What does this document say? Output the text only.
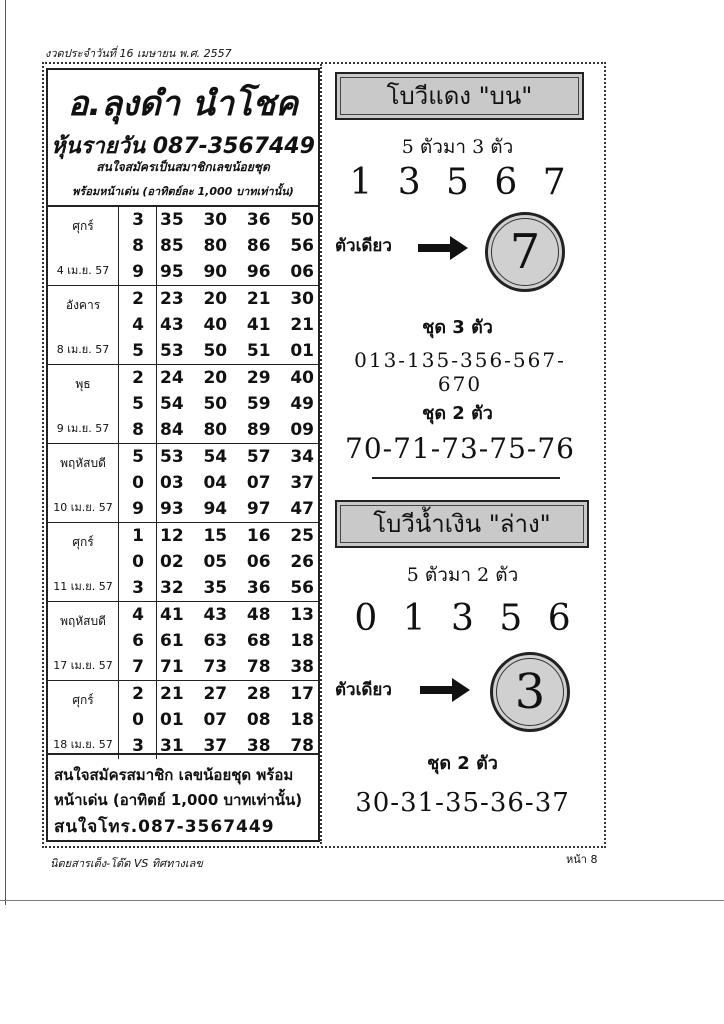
งวดประจำวันที่ 16 เมษายน พ.ศ. 2557
อ.ลุงดำ นำโชค
หุ้นรายวัน 087-3567449
สนใจสมัครเป็นสมาชิกเลขน้อยชุด
พร้อมหน้าเด่น (อาทิตย์ละ 1,000 บาทเท่านั้น)
ศุกร์
4 เม.ย. 57
3 35 30 36 50
8 85 80 86 56
9 95 90 96 06
อังคาร
8 เม.ย. 57
2 23 20 21 30
4 43 40 41 21
5 53 50 51 01
พุธ
9 เม.ย. 57
2 24 20 29 40
5 54 50 59 49
8 84 80 89 09
พฤหัสบดี
10 เม.ย. 57
5 53 54 57 34
0 03 04 07 37
9 93 94 97 47
ศุกร์
11 เม.ย. 57
1 12 15 16 25
0 02 05 06 26
3 32 35 36 56
พฤหัสบดี
17 เม.ย. 57
4 41 43 48 13
6 61 63 68 18
7 71 73 78 38
ศุกร์
18 เม.ย. 57
2 21 27 28 17
0 01 07 08 18
3 31 37 38 78
สนใจสมัครสมาชิก เลขน้อยชุด พร้อม
หน้าเด่น (อาทิตย์ 1,000 บาทเท่านั้น)
สนใจโทร.087-3567449
โบวีแดง "บน"
5 ตัวมา 3 ตัว
1 3 5 6 7
ตัวเดียว	7
ชุด 3 ตัว
013-135-356-567-670
ชุด 2 ตัว
70-71-73-75-76
โบวีน้ำเงิน "ล่าง"
5 ตัวมา 2 ตัว
0 1 3 5 6
ตัวเดียว	3
ชุด 2 ตัว
30-31-35-36-37
นิตยสารเต็ง-โต๊ด VS ทิศทางเลข	หน้า 8
